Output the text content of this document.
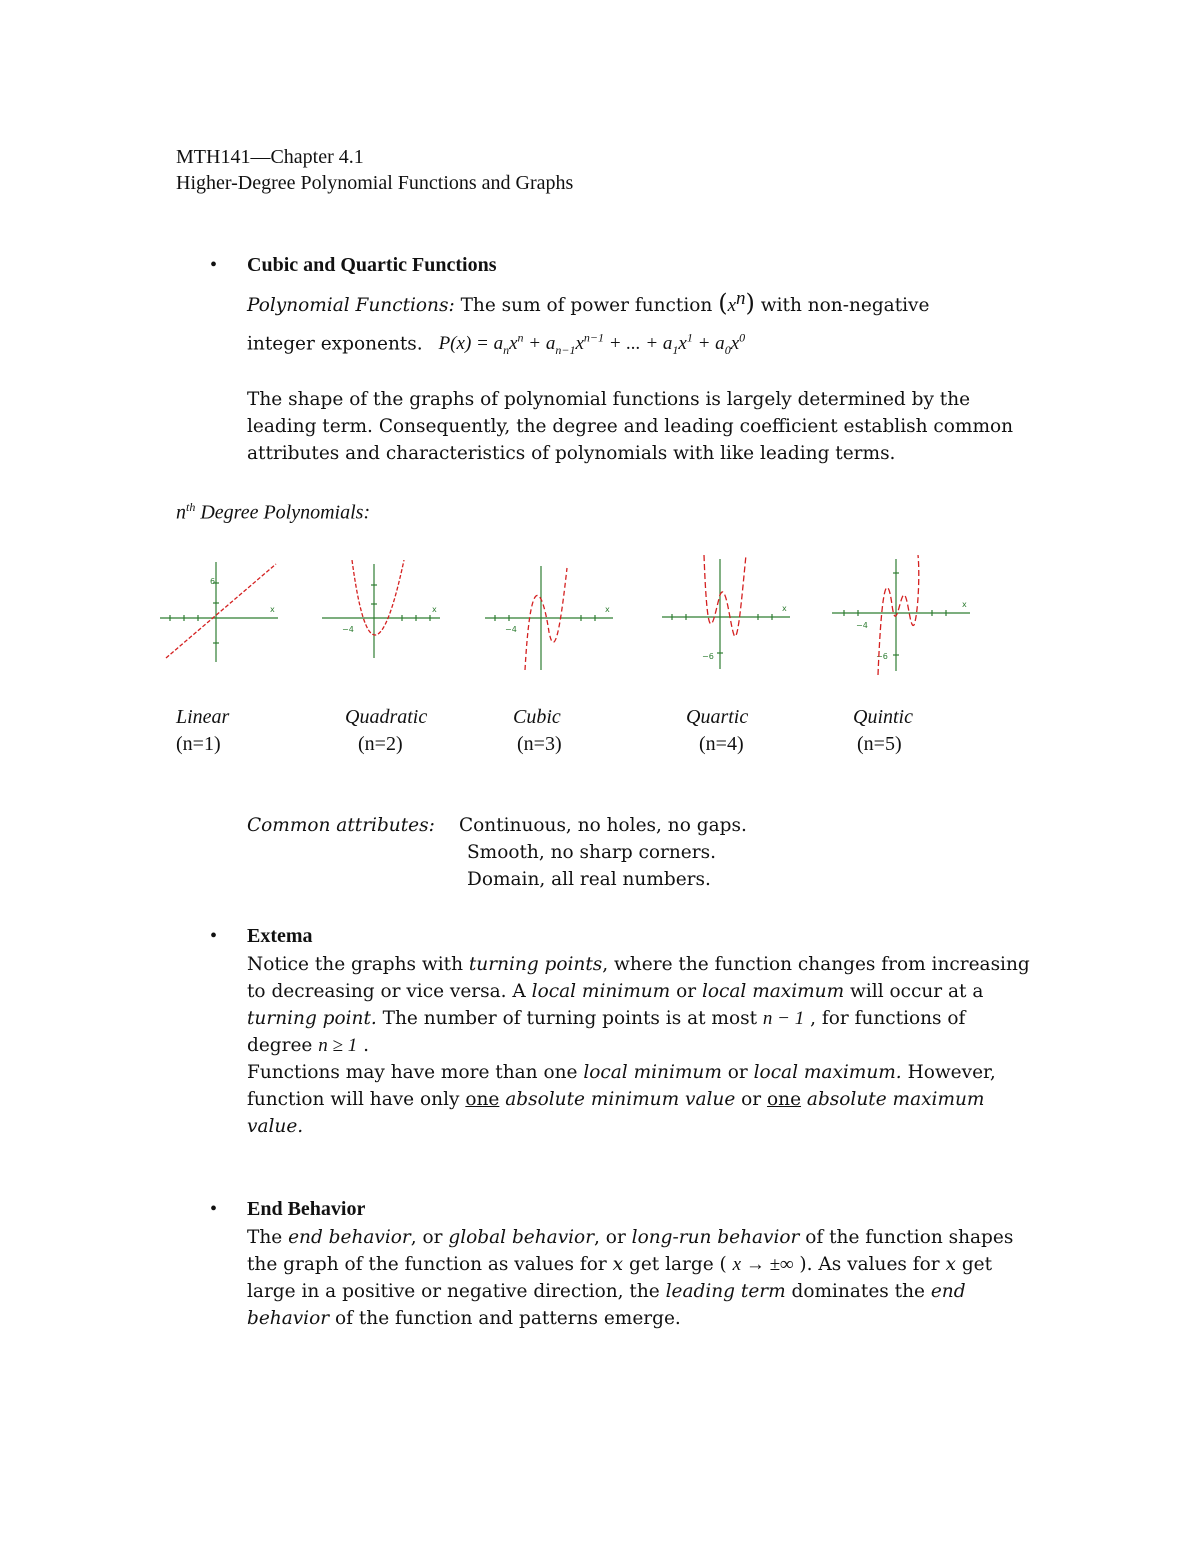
MTH141—Chapter 4.1
Higher-Degree Polynomial Functions and Graphs
• Cubic and Quartic Functions
Polynomial Functions: The sum of power function $(x^n)$ with non-negative
integer exponents. $P(x) = a_nx^n + a_{n-1}x^{n-1}$ + ... + $a_1x^1 + a_0x^0$
The shape of the graphs of polynomial functions is largely determined by the
leading term. Consequently, the degree and leading coefficient establish common
attributes and characteristics of polynomials with like leading terms.
$n^{th}$ Degree Polynomials:
6
x
−4
x
−4
x
−6
x
−4
−6
x
Linear
(n=1)
Quadratic
(n=2)
Cubic
(n=3)
Quartic
(n=4)
Quintic
(n=5)
Common attributes: Continuous, no holes, no gaps.
Smooth, no sharp corners.
Domain, all real numbers.
• Extema
Notice the graphs with turning points, where the function changes from increasing
to decreasing or vice versa. A local minimum or local maximum will occur at a
turning point. The number of turning points is at most n − 1 , for functions of
degree n ≥ 1 .
Functions may have more than one local minimum or local maximum. However,
function will have only one absolute minimum value or one absolute maximum
value.
• End Behavior
The end behavior, or global behavior, or long-run behavior of the function shapes
the graph of the function as values for x get large ( x → ±∞ ). As values for x get
large in a positive or negative direction, the leading term dominates the end
behavior of the function and patterns emerge.
